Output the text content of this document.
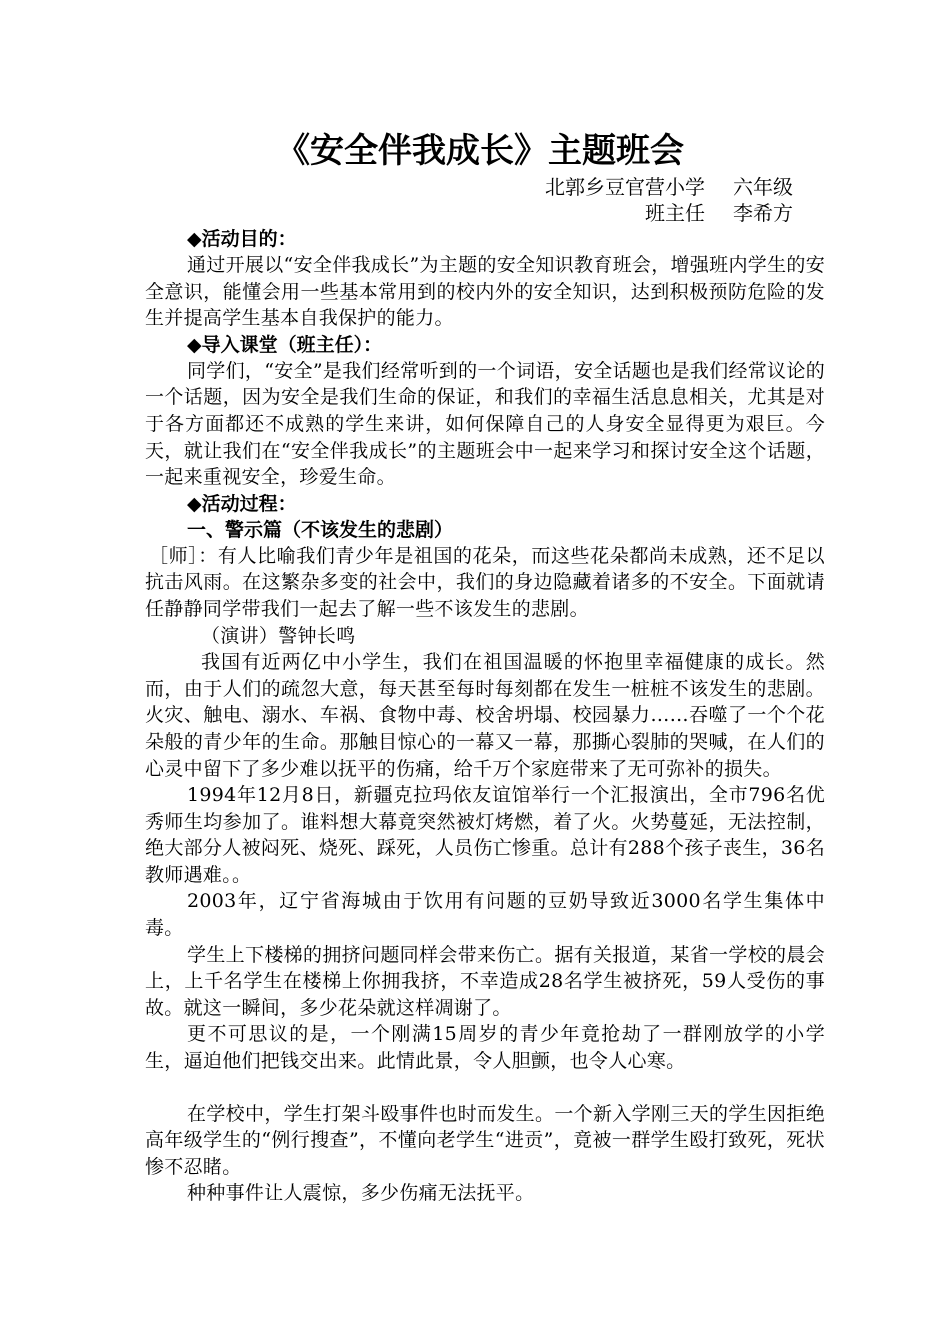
《安全伴我成长》主题班会
北郭乡豆官营小学 六年级
班主任 李希方
◆活动目的：

通过开展以“安全伴我成长”为主题的安全知识教育班会，增强班内学生的安全意识，能懂会用一些基本常用到的校内外的安全知识，达到积极预防危险的发生并提高学生基本自我保护的能力。

◆导入课堂（班主任）：

同学们，“安全”是我们经常听到的一个词语，安全话题也是我们经常议论的一个话题，因为安全是我们生命的保证，和我们的幸福生活息息相关，尤其是对于各方面都还不成熟的学生来讲，如何保障自己的人身安全显得更为艰巨。今天，就让我们在“安全伴我成长”的主题班会中一起来学习和探讨安全这个话题，一起来重视安全，珍爱生命。

◆活动过程：
一、警示篇（不该发生的悲剧）

［师］：有人比喻我们青少年是祖国的花朵，而这些花朵都尚未成熟，还不足以抗击风雨。在这繁杂多变的社会中，我们的身边隐藏着诸多的不安全。下面就请任静静同学带我们一起去了解一些不该发生的悲剧。

（演讲）警钟长鸣

我国有近两亿中小学生，我们在祖国温暖的怀抱里幸福健康的成长。然而，由于人们的疏忽大意，每天甚至每时每刻都在发生一桩桩不该发生的悲剧。火灾、触电、溺水、车祸、食物中毒、校舍坍塌、校园暴力……吞噬了一个个花朵般的青少年的生命。那触目惊心的一幕又一幕，那撕心裂肺的哭喊，在人们的心灵中留下了多少难以抚平的伤痛，给千万个家庭带来了无可弥补的损失。

1994年12月8日，新疆克拉玛依友谊馆举行一个汇报演出，全市796名优秀师生均参加了。谁料想大幕竟突然被灯烤燃，着了火。火势蔓延，无法控制，绝大部分人被闷死、烧死、踩死，人员伤亡惨重。总计有288个孩子丧生，36名教师遇难。。

2003年，辽宁省海城由于饮用有问题的豆奶导致近3000名学生集体中毒。

学生上下楼梯的拥挤问题同样会带来伤亡。据有关报道，某省一学校的晨会上，上千名学生在楼梯上你拥我挤，不幸造成28名学生被挤死，59人受伤的事故。就这一瞬间，多少花朵就这样凋谢了。

更不可思议的是，一个刚满15周岁的青少年竟抢劫了一群刚放学的小学生，逼迫他们把钱交出来。此情此景，令人胆颤，也令人心寒。

在学校中，学生打架斗殴事件也时而发生。一个新入学刚三天的学生因拒绝高年级学生的“例行搜查”，不懂向老学生“进贡”，竟被一群学生殴打致死，死状惨不忍睹。

种种事件让人震惊，多少伤痛无法抚平。
